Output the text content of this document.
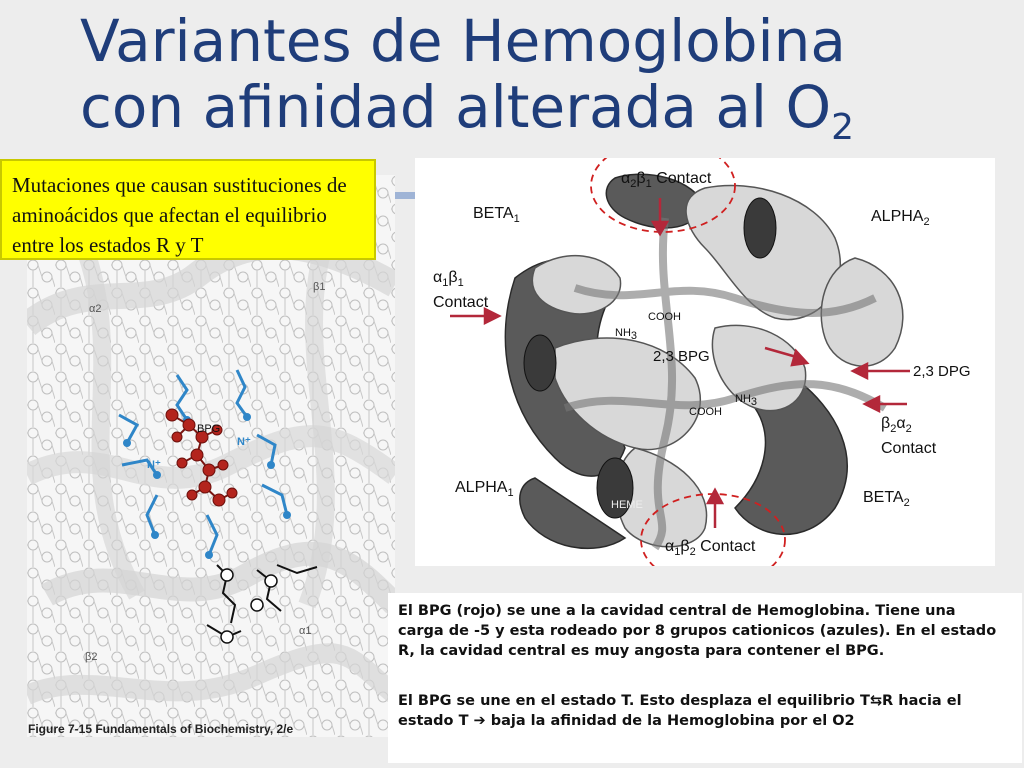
Variantes de Hemoglobina
con afinidad alterada al $O_2$
BPG
α2
β1
α1
β2
N⁺
N⁺
Figure 7-15 Fundamentals of Biochemistry, 2/e
Mutaciones que causan sustituciones de aminoácidos que afectan el equilibrio entre los estados R y T
$\alpha_2\beta_1$ Contact
$BETA_1$	$ALPHA_2$
$\alpha_1\beta_1$
Contact
COOH
$NH_3$
2,3 BPG
2,3 DPG
COOH
$NH_3$
$\beta_2\alpha_2$
Contact
$ALPHA_1$
HEME	$BETA_2$
$\alpha_1\beta_2$ Contact

El BPG (rojo) se une a la cavidad central de Hemoglobina. Tiene una carga de -5 y esta rodeado por 8 grupos cationicos (azules). En el estado R, la cavidad central es muy angosta para contener el BPG.

El BPG se une en el estado T. Esto desplaza el equilibrio T⇆R hacia el estado T ➔ baja la afinidad de la Hemoglobina por el O2
